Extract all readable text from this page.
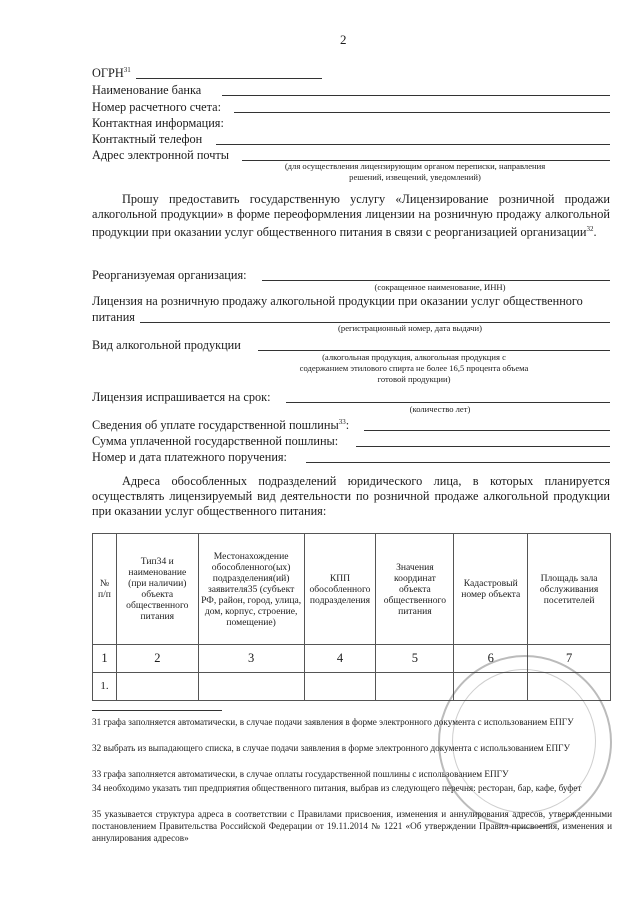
2
ОГРН$^{31}$
Наименование банка
Номер расчетного счета:
Контактная информация:
Контактный телефон
Адрес электронной почты
(для осуществления лицензирующим органом переписки, направления решений, извещений, уведомлений)
Прошу предоставить государственную услугу «Лицензирование розничной продажи алкогольной продукции» в форме переоформления лицензии на розничную продажу алкогольной продукции при оказании услуг общественного питания в связи с реорганизацией организации$^{32}$.
Реорганизуемая организация:
(сокращенное наименование, ИНН)
Лицензия на розничную продажу алкогольной продукции при оказании услуг общественного
питания
(регистрационный номер, дата выдачи)
Вид алкогольной продукции
(алкогольная продукция, алкогольная продукция с содержанием этилового спирта не более 16,5 процента объема готовой продукции)
Лицензия испрашивается на срок:
(количество лет)
Сведения об уплате государственной пошлины$^{33}$:
Сумма уплаченной государственной пошлины:
Номер и дата платежного поручения:
Адреса обособленных подразделений юридического лица, в которых планируется осуществлять лицензируемый вид деятельности по розничной продаже алкогольной продукции при оказании услуг общественного питания:
№ п/п	Тип34 и наименование (при наличии) объекта общественного питания	Местонахождение обособленного(ых) подразделения(ий) заявителя35 (субъект РФ, район, город, улица, дом, корпус, строение, помещение)	КПП обособленного подразделения	Значения координат объекта общественного питания	Кадастровый номер объекта	Площадь зала обслуживания посетителей
1	2	3	4	5	6	7
1.						
31 графа заполняется автоматически, в случае подачи заявления в форме электронного документа с использованием ЕПГУ
32 выбрать из выпадающего списка, в случае подачи заявления в форме электронного документа с использованием ЕПГУ
33 графа заполняется автоматически, в случае оплаты государственной пошлины с использованием ЕПГУ
34 необходимо указать тип предприятия общественного питания, выбрав из следующего перечня: ресторан, бар, кафе, буфет
35 указывается структура адреса в соответствии с Правилами присвоения, изменения и аннулирования адресов, утвержденными постановлением Правительства Российской Федерации от 19.11.2014 № 1221 «Об утверждении Правил присвоения, изменения и аннулирования адресов»
